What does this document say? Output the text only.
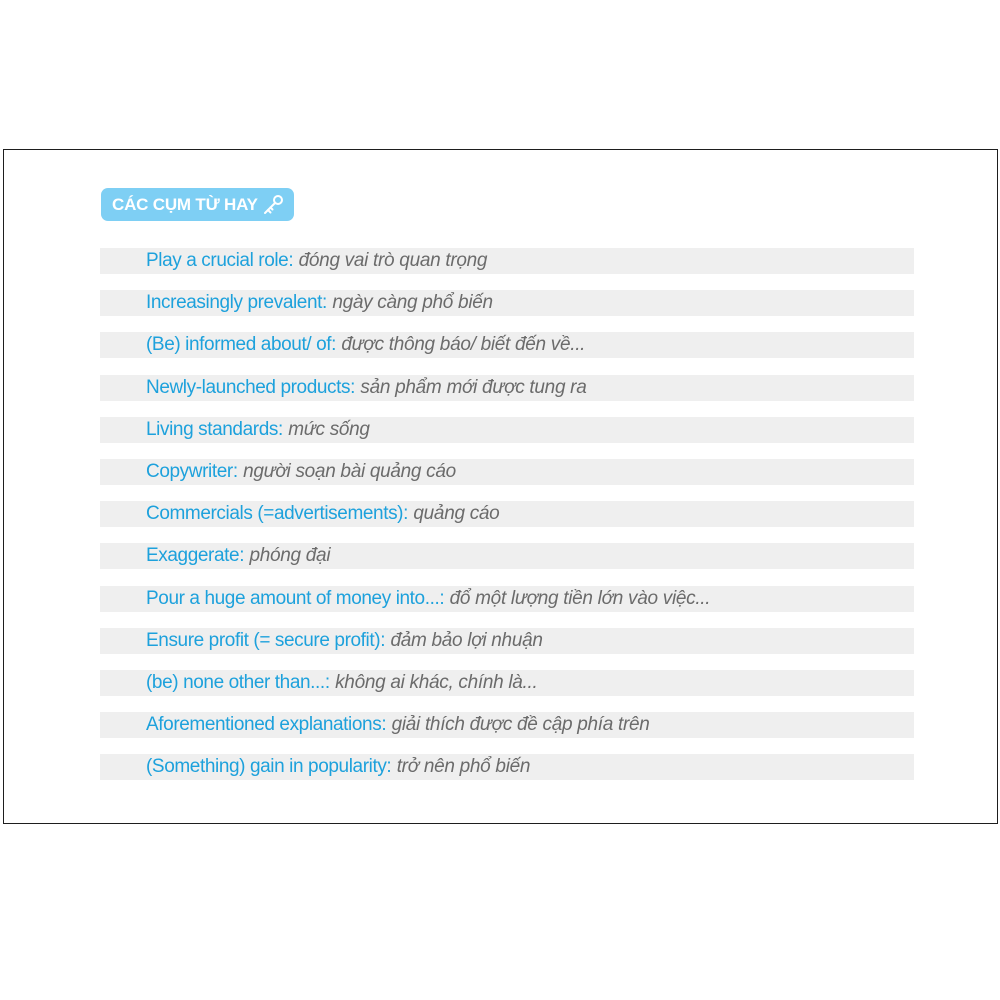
CÁC CỤM TỪ HAY
Play a crucial role : đóng vai trò quan trọng
Increasingly prevalent : ngày càng phổ biến
(Be) informed about/ of : được thông báo/ biết đến về...
Newly-launched products : sản phẩm mới được tung ra
Living standards : mức sống
Copywriter : người soạn bài quảng cáo
Commercials (=advertisements) : quảng cáo
Exaggerate : phóng đại
Pour a huge amount of money into... : đổ một lượng tiền lớn vào việc...
Ensure profit (= secure profit) : đảm bảo lợi nhuận
(be) none other than... : không ai khác, chính là...
Aforementioned explanations : giải thích được đề cập phía trên
(Something) gain in popularity : trở nên phổ biến
